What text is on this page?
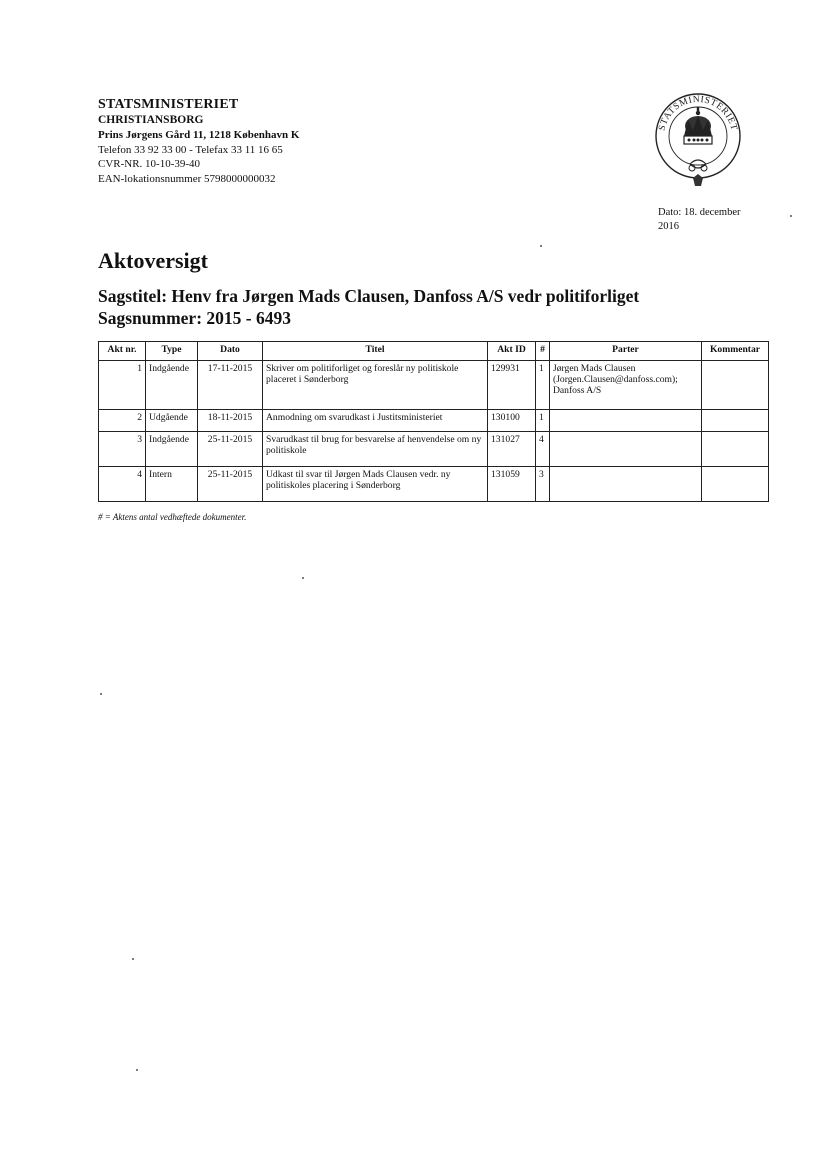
STATSMINISTERIET
CHRISTIANSBORG
Prins Jørgens Gård 11, 1218 København K
Telefon 33 92 33 00 - Telefax 33 11 16 65
CVR-NR. 10-10-39-40
EAN-lokationsnummer 5798000000032
STATSMINISTERIET
Dato: 18. december
2016
Aktoversigt
Sagstitel: Henv fra Jørgen Mads Clausen, Danfoss A/S vedr politiforliget
Sagsnummer: 2015 - 6493
Akt nr.	Type	Dato	Titel	Akt ID	#	Parter	Kommentar
1	Indgående	17-11-2015	Skriver om politiforliget og foreslår ny politiskole placeret i Sønderborg	129931	1	Jørgen Mads Clausen (Jorgen.Clausen@danfoss.com); Danfoss A/S	
2	Udgående	18-11-2015	Anmodning om svarudkast i Justitsministeriet	130100	1		
3	Indgående	25-11-2015	Svarudkast til brug for besvarelse af henvendelse om ny politiskole	131027	4		
4	Intern	25-11-2015	Udkast til svar til Jørgen Mads Clausen vedr. ny politiskoles placering i Sønderborg	131059	3		
# = Aktens antal vedhæftede dokumenter.
